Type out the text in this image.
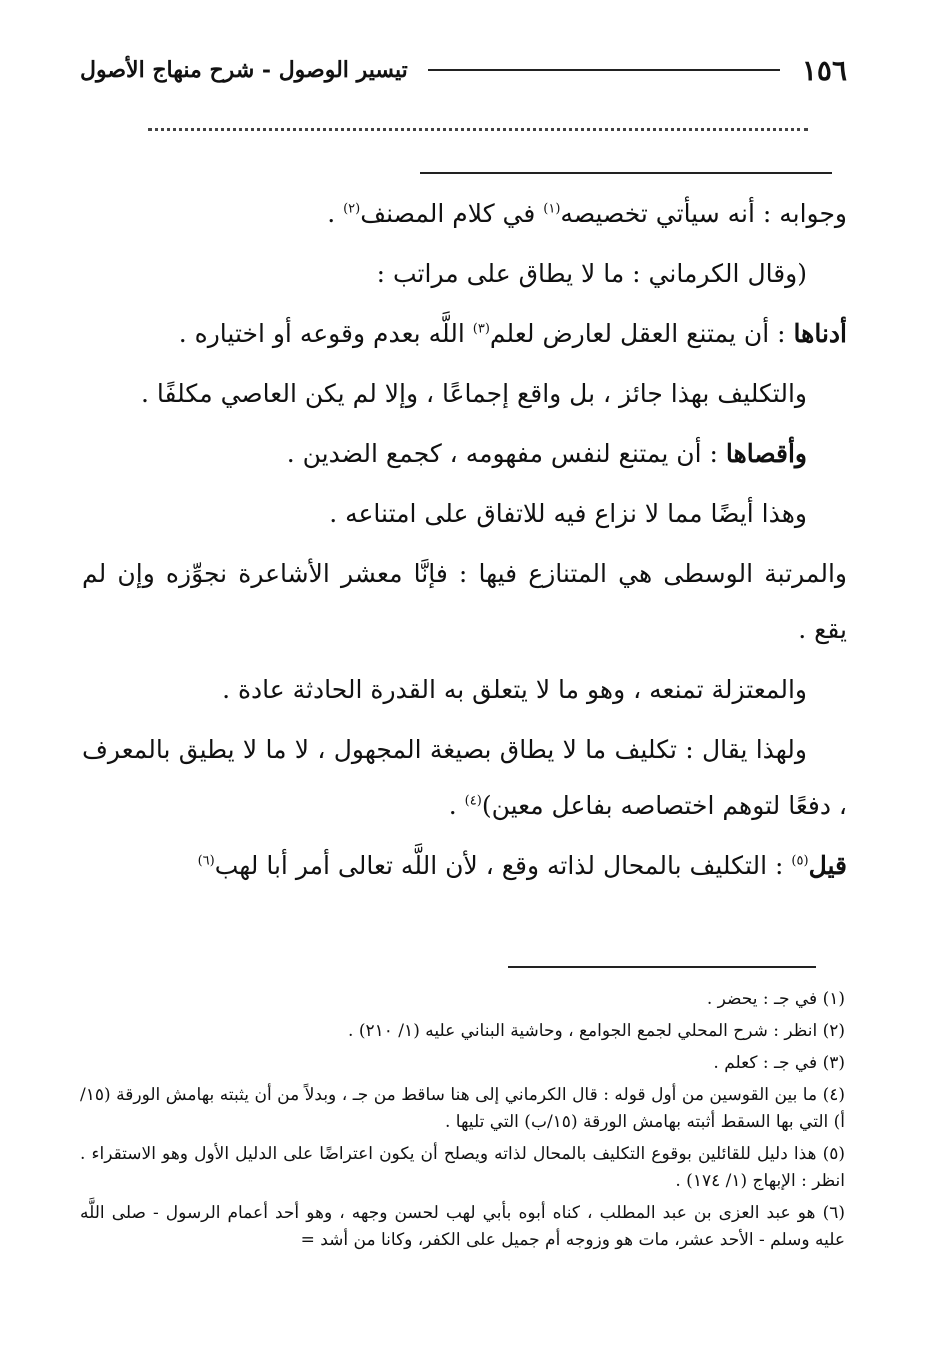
١٥٦
تيسير الوصول - شرح منهاج الأصول

وجوابه : أنه سيأتي تخصيصه$^{(١)}$ في كلام المصنف$^{(٢)}$ .

(وقال الكرماني : ما لا يطاق على مراتب :

أدناها : أن يمتنع العقل لعارض لعلم$^{(٣)}$ اللَّه بعدم وقوعه أو اختياره .

والتكليف بهذا جائز ، بل واقع إجماعًا ، وإلا لم يكن العاصي مكلفًا .

وأقصاها : أن يمتنع لنفس مفهومه ، كجمع الضدين .

وهذا أيضًا مما لا نزاع فيه للاتفاق على امتناعه .

والمرتبة الوسطى هي المتنازع فيها : فإنَّا معشر الأشاعرة نجوِّزه وإن لم يقع .

والمعتزلة تمنعه ، وهو ما لا يتعلق به القدرة الحادثة عادة .

ولهذا يقال : تكليف ما لا يطاق بصيغة المجهول ، لا ما لا يطيق بالمعرف ، دفعًا لتوهم اختصاصه بفاعل معين)$^{(٤)}$ .

قيل$^{(٥)}$ : التكليف بالمحال لذاته وقع ، لأن اللَّه تعالى أمر أبا لهب$^{(٦)}$

(١) في جـ : يحضر .
(٢) انظر : شرح المحلي لجمع الجوامع ، وحاشية البناني عليه (١/ ٢١٠) .
(٣) في جـ : كعلم .
(٤) ما بين القوسين من أول قوله : قال الكرماني إلى هنا ساقط من جـ ، وبدلاً من أن يثبته بهامش الورقة (١٥/أ) التي بها السقط أثبته بهامش الورقة (١٥/ب) التي تليها .
(٥) هذا دليل للقائلين بوقوع التكليف بالمحال لذاته ويصلح أن يكون اعتراضًا على الدليل الأول وهو الاستقراء . انظر : الإبهاج (١/ ١٧٤) .
(٦) هو عبد العزى بن عبد المطلب ، كناه أبوه بأبي لهب لحسن وجهه ، وهو أحد أعمام الرسول - صلى اللَّه عليه وسلم - الأحد عشر، مات هو وزوجه أم جميل على الكفر، وكانا من أشد =
